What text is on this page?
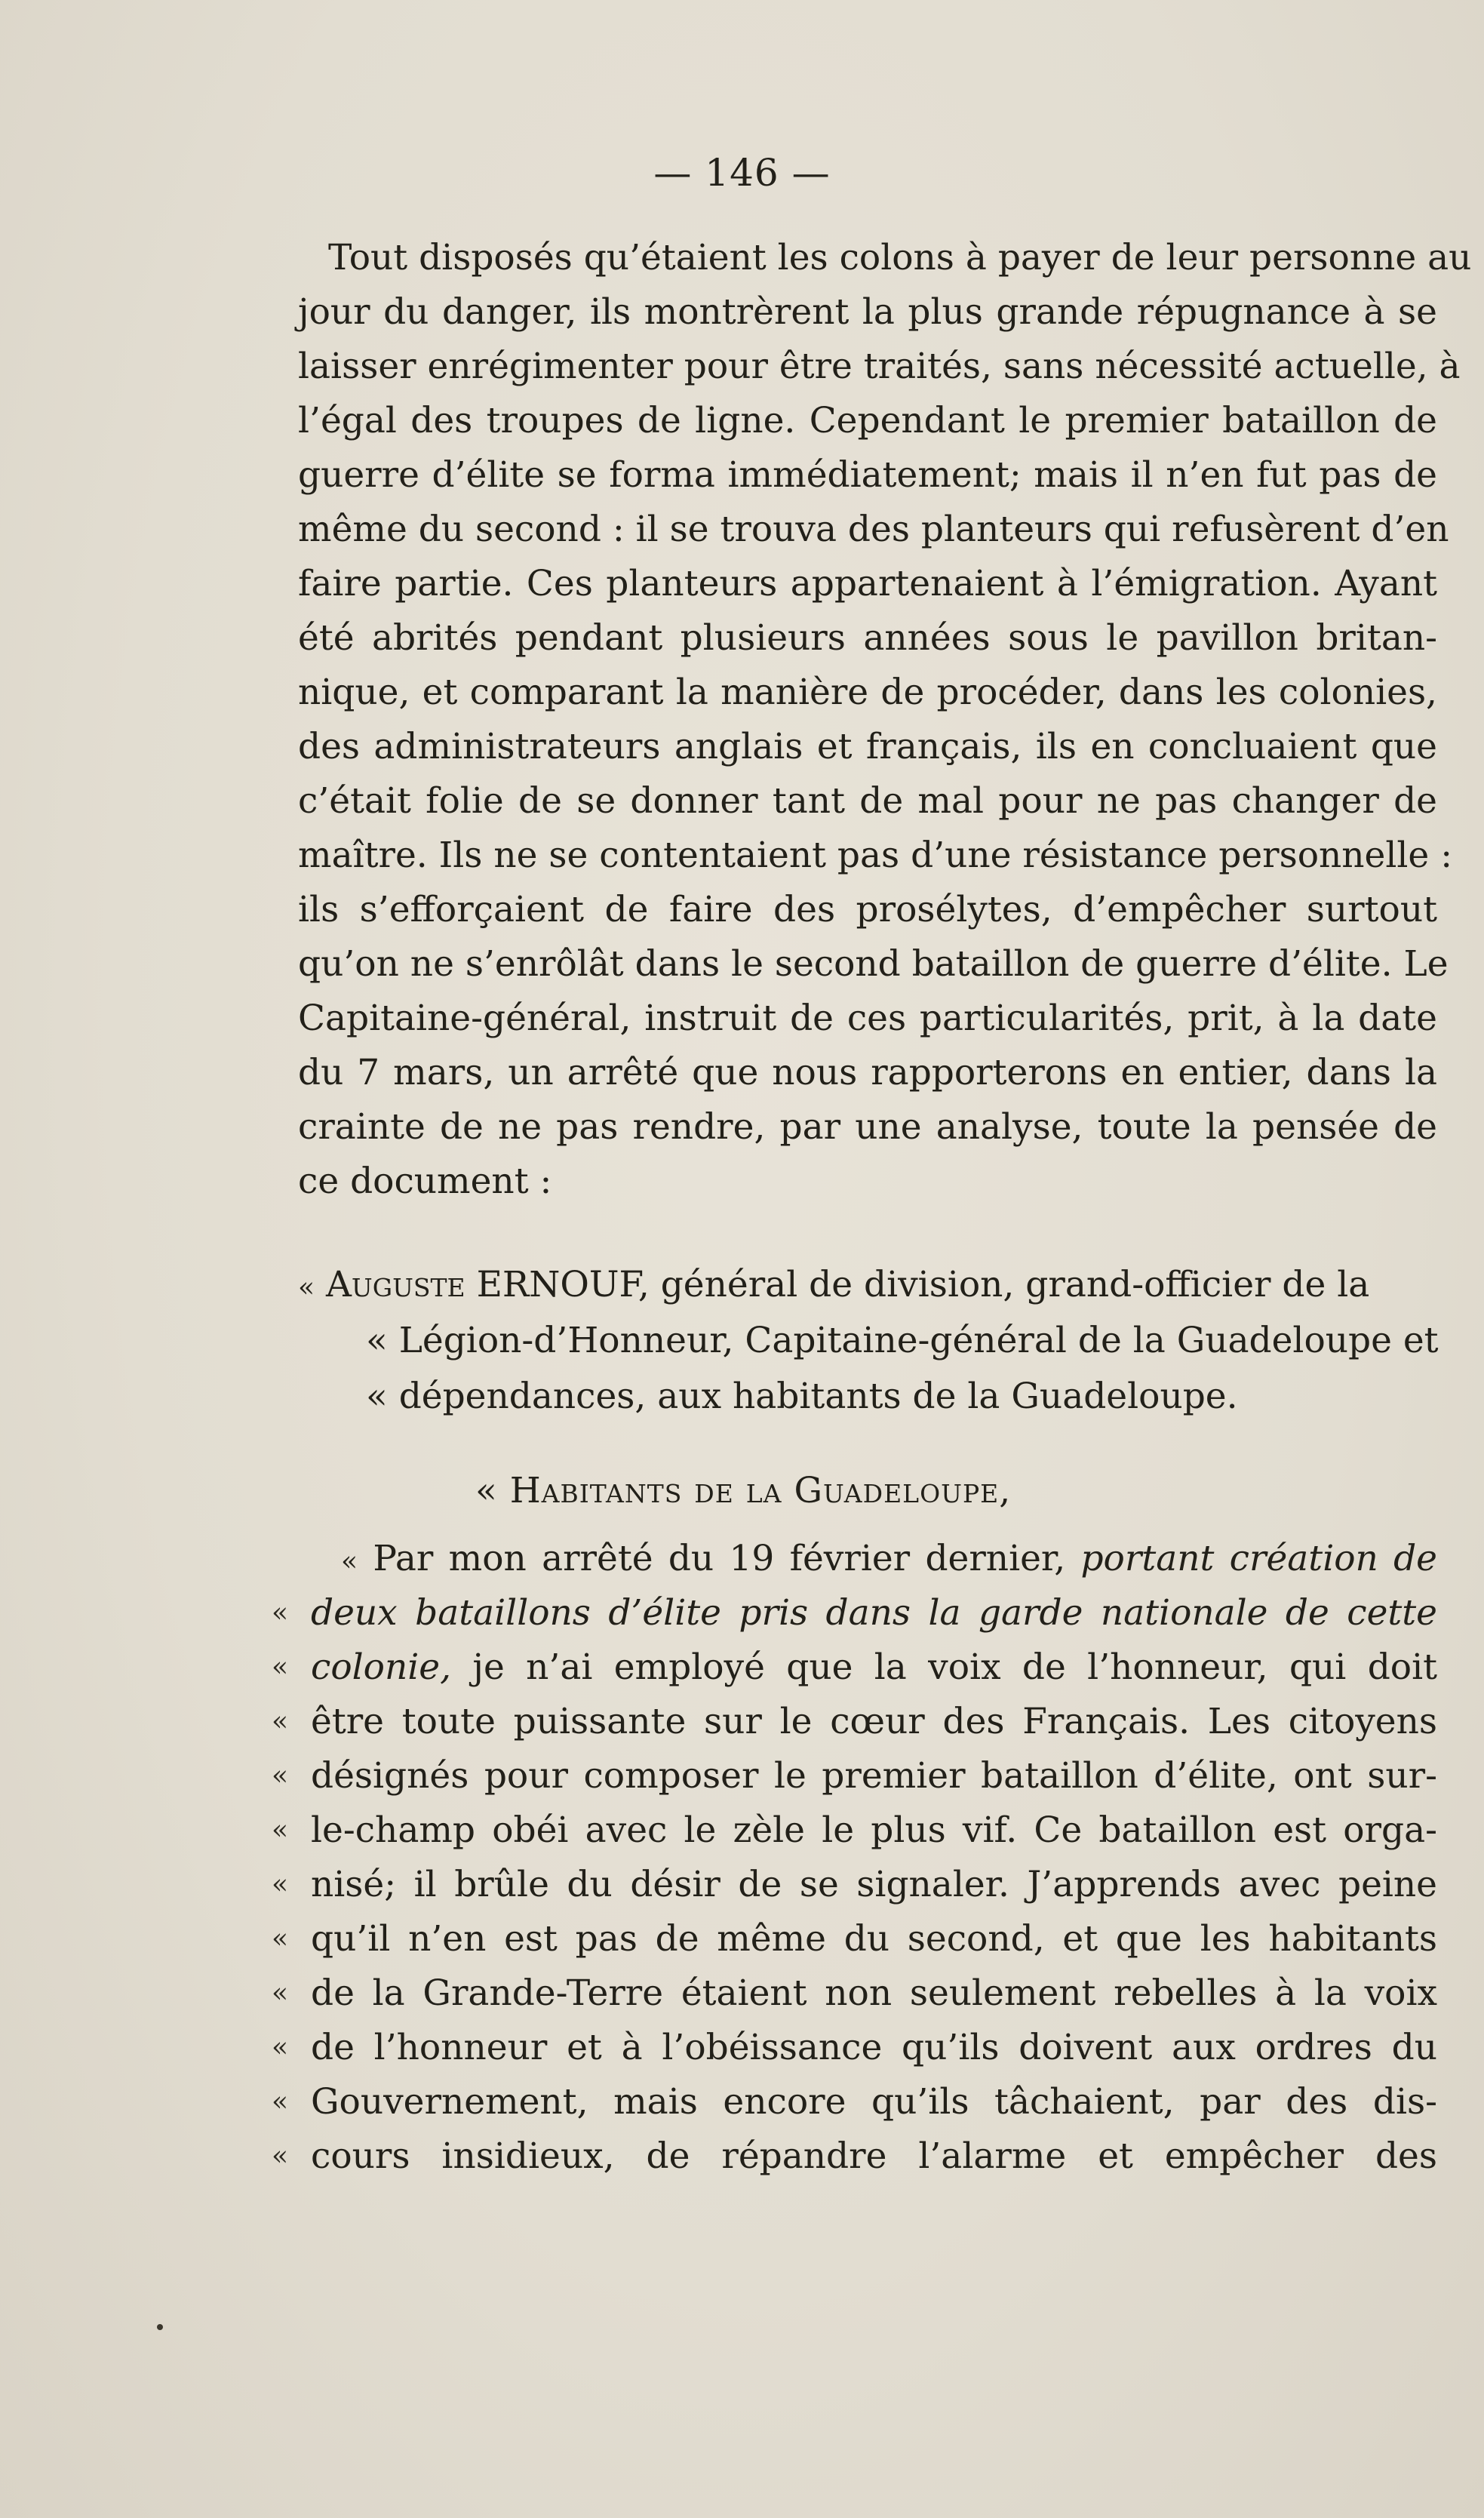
— 146 —
Tout disposés qu’étaient les colons à payer de leur personne au
jour du danger, ils montrèrent la plus grande répugnance à se
laisser enrégimenter pour être traités, sans nécessité actuelle, à
l’égal des troupes de ligne. Cependant le premier bataillon de
guerre d’élite se forma immédiatement; mais il n’en fut pas de
même du second : il se trouva des planteurs qui refusèrent d’en
faire partie. Ces planteurs appartenaient à l’émigration. Ayant
été abrités pendant plusieurs années sous le pavillon britan-
nique, et comparant la manière de procéder, dans les colonies,
des administrateurs anglais et français, ils en concluaient que
c’était folie de se donner tant de mal pour ne pas changer de
maître. Ils ne se contentaient pas d’une résistance personnelle :
ils s’efforçaient de faire des prosélytes, d’empêcher surtout
qu’on ne s’enrôlât dans le second bataillon de guerre d’élite. Le
Capitaine-général, instruit de ces particularités, prit, à la date
du 7 mars, un arrêté que nous rapporterons en entier, dans la
crainte de ne pas rendre, par une analyse, toute la pensée de
ce document :
« Auguste ERNOUF, général de division, grand-officier de la
« Légion-d’Honneur, Capitaine-général de la Guadeloupe et
« dépendances, aux habitants de la Guadeloupe.
« Habitants de la Guadeloupe,
« Par mon arrêté du 19 février dernier, portant création de
« deux bataillons d’élite pris dans la garde nationale de cette
« colonie, je n’ai employé que la voix de l’honneur, qui doit
« être toute puissante sur le cœur des Français. Les citoyens
« désignés pour composer le premier bataillon d’élite, ont sur-
« le-champ obéi avec le zèle le plus vif. Ce bataillon est orga-
« nisé; il brûle du désir de se signaler. J’apprends avec peine
« qu’il n’en est pas de même du second, et que les habitants
« de la Grande-Terre étaient non seulement rebelles à la voix
« de l’honneur et à l’obéissance qu’ils doivent aux ordres du
« Gouvernement, mais encore qu’ils tâchaient, par des dis-
« cours insidieux, de répandre l’alarme et empêcher des
